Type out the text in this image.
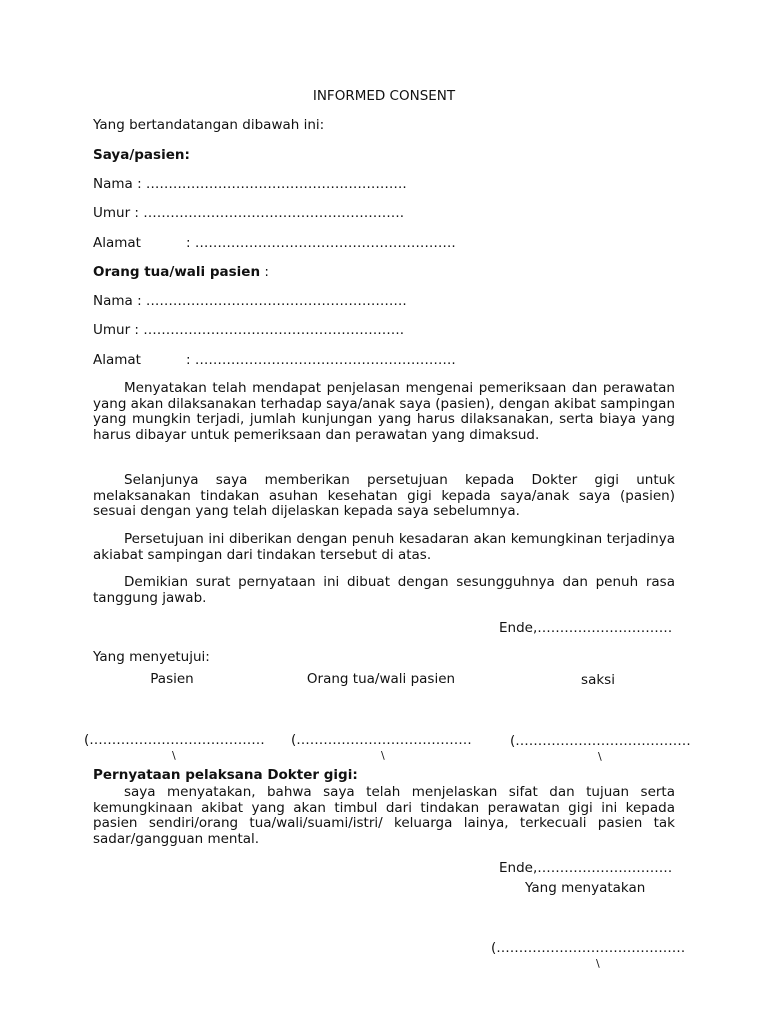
INFORMED CONSENT
Yang bertandatangan dibawah ini:
Saya/pasien:
Nama : ………………………………………………….
Umur : ………………………………………………….
Alamat	: ………………………………………………….
Orang tua/wali pasien :
Nama : ………………………………………………….
Umur : ………………………………………………….
Alamat	: ………………………………………………….
Menyatakan telah mendapat penjelasan mengenai pemeriksaan dan perawatan yang akan dilaksanakan terhadap saya/anak saya (pasien), dengan akibat sampingan yang mungkin terjadi, jumlah kunjungan yang harus dilaksanakan, serta biaya yang harus dibayar untuk pemeriksaan dan perawatan yang dimaksud.
Selanjunya saya memberikan persetujuan kepada Dokter gigi untuk melaksanakan tindakan asuhan kesehatan gigi kepada saya/anak saya (pasien) sesuai dengan yang telah dijelaskan kepada saya sebelumnya.
Persetujuan ini diberikan dengan penuh kesadaran akan kemungkinan terjadinya akiabat sampingan dari tindakan tersebut di atas.
Demikian surat pernyataan ini dibuat dengan sesungguhnya dan penuh rasa tanggung jawab.
Ende,…………………………
Yang menyetujui:
Pasien	Orang tua/wali pasien	saksi
(…………………………………
\
(…………………………………
\
(…………………………………
\
Pernyataan pelaksana Dokter gigi:
saya menyatakan, bahwa saya telah menjelaskan sifat dan tujuan serta kemungkinaan akibat yang akan timbul dari tindakan perawatan gigi ini kepada pasien sendiri/orang tua/wali/suami/istri/ keluarga lainya, terkecuali pasien tak sadar/gangguan mental.
Ende,…………………………
Yang menyatakan
(……………………………………
\
